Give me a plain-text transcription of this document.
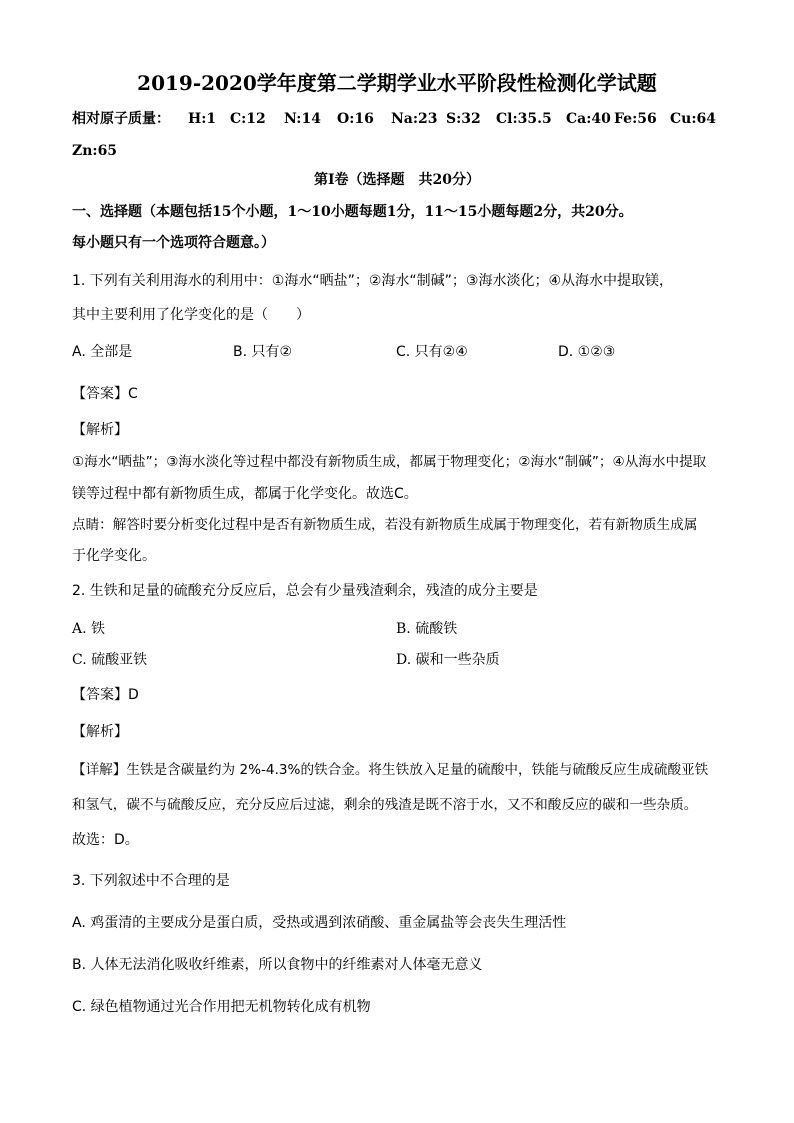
2019-2020学年度第二学期学业水平阶段性检测化学试题
相对原子质量： H:1 C:12 N:14 O:16 Na:23 S:32 Cl:35.5 Ca:40 Fe:56 Cu:64
Zn:65
第Ⅰ卷（选择题　共20分）
一、选择题（本题包括15个小题，1～10小题每题1分，11～15小题每题2分，共20分。
每小题只有一个选项符合题意。）
1. 下列有关利用海水的利用中：①海水“晒盐”；②海水“制碱”；③海水淡化；④从海水中提取镁，
其中主要利用了化学变化的是（　　）
A. 全部是	B. 只有②	C. 只有②④	D. ①②③
【答案】C
【解析】
①海水“晒盐”；③海水淡化等过程中都没有新物质生成，都属于物理变化；②海水“制碱”；④从海水中提取
镁等过程中都有新物质生成，都属于化学变化。故选C。
点睛：解答时要分析变化过程中是否有新物质生成，若没有新物质生成属于物理变化，若有新物质生成属
于化学变化。
2. 生铁和足量的硫酸充分反应后，总会有少量残渣剩余，残渣的成分主要是
A. 铁	B. 硫酸铁
C. 硫酸亚铁	D. 碳和一些杂质
【答案】D
【解析】
【详解】生铁是含碳量约为 2%-4.3%的铁合金。将生铁放入足量的硫酸中，铁能与硫酸反应生成硫酸亚铁
和氢气，碳不与硫酸反应，充分反应后过滤，剩余的残渣是既不溶于水，又不和酸反应的碳和一些杂质。
故选：D。
3. 下列叙述中不合理的是
A. 鸡蛋清的主要成分是蛋白质，受热或遇到浓硝酸、重金属盐等会丧失生理活性
B. 人体无法消化吸收纤维素，所以食物中的纤维素对人体毫无意义
C. 绿色植物通过光合作用把无机物转化成有机物
